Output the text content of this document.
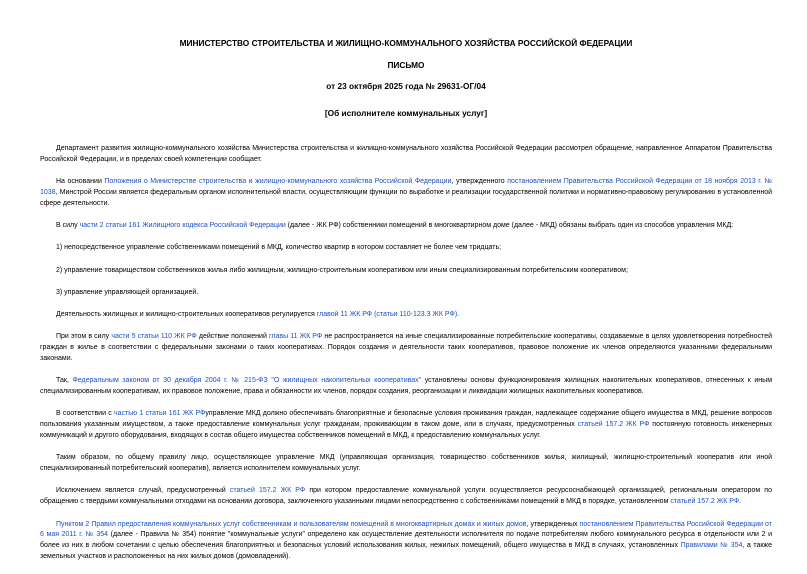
МИНИСТЕРСТВО СТРОИТЕЛЬСТВА И ЖИЛИЩНО-КОММУНАЛЬНОГО ХОЗЯЙСТВА РОССИЙСКОЙ ФЕДЕРАЦИИ
ПИСЬМО
от 23 октября 2025 года № 29631-ОГ/04
[Об исполнителе коммунальных услуг]

Департамент развития жилищно-коммунального хозяйства Министерства строительства и жилищно-коммунального хозяйства Российской Федерации рассмотрел обращение, направленное Аппаратом Правительства Российской Федерации, и в пределах своей компетенции сообщает.

На основании Положения о Министерстве строительства и жилищно-коммунального хозяйства Российской Федерации, утвержденного постановлением Правительства Российской Федерации от 18 ноября 2013 г. № 1038, Минстрой России является федеральным органом исполнительной власти, осуществляющим функции по выработке и реализации государственной политики и нормативно-правовому регулированию в установленной сфере деятельности.

В силу части 2 статьи 161 Жилищного кодекса Российской Федерации (далее - ЖК РФ) собственники помещений в многоквартирном доме (далее - МКД) обязаны выбрать один из способов управления МКД:

1) непосредственное управление собственниками помещений в МКД, количество квартир в котором составляет не более чем тридцать;

2) управление товариществом собственников жилья либо жилищным, жилищно-строительным кооперативом или иным специализированным потребительским кооперативом;

3) управление управляющей организацией.

Деятельность жилищных и жилищно-строительных кооперативов регулируется главой 11 ЖК РФ (статьи 110-123.3 ЖК РФ).

При этом в силу части 5 статьи 110 ЖК РФ действие положений главы 11 ЖК РФ не распространяется на иные специализированные потребительские кооперативы, создаваемые в целях удовлетворения потребностей граждан в жилье в соответствии с федеральными законами о таких кооперативах. Порядок создания и деятельности таких кооперативов, правовое положение их членов определяются указанными федеральными законами.

Так, Федеральным законом от 30 декабря 2004 г. № 215-ФЗ "О жилищных накопительных кооперативах" установлены основы функционирования жилищных накопительных кооперативов, отнесенных к иным специализированным кооперативам, их правовое положение, права и обязанности их членов, порядок создания, реорганизации и ликвидации жилищных накопительных кооперативов.

В соответствии с частью 1 статьи 161 ЖК РФуправление МКД должно обеспечивать благоприятные и безопасные условия проживания граждан, надлежащее содержание общего имущества в МКД, решение вопросов пользования указанным имуществом, а также предоставление коммунальных услуг гражданам, проживающим в таком доме, или в случаях, предусмотренных статьей 157.2 ЖК РФ постоянную готовность инженерных коммуникаций и другого оборудования, входящих в состав общего имущества собственников помещений в МКД, к предоставлению коммунальных услуг.

Таким образом, по общему правилу лицо, осуществляющее управление МКД (управляющая организация, товарищество собственников жилья, жилищный, жилищно-строительный кооператив или иной специализированный потребительский кооператив), является исполнителем коммунальных услуг.

Исключением является случай, предусмотренный статьей 157.2 ЖК РФ при котором предоставление коммунальной услуги осуществляется ресурсоснабжающей организацией, региональным оператором по обращению с твердыми коммунальными отходами на основании договора, заключенного указанными лицами непосредственно с собственниками помещений в МКД в порядке, установленном статьей 157.2 ЖК РФ.

Пунктом 2 Правил предоставления коммунальных услуг собственникам и пользователям помещений в многоквартирных домах и жилых домов, утвержденных постановлением Правительства Российской Федерации от 6 мая 2011 г. № 354 (далее - Правила № 354) понятие "коммунальные услуги" определено как осуществление деятельности исполнителя по подаче потребителям любого коммунального ресурса в отдельности или 2 и более из них в любом сочетании с целью обеспечения благоприятных и безопасных условий использования жилых, нежилых помещений, общего имущества в МКД в случаях, установленных Правилами № 354, а также земельных участков и расположенных на них жилых домов (домовладений).
